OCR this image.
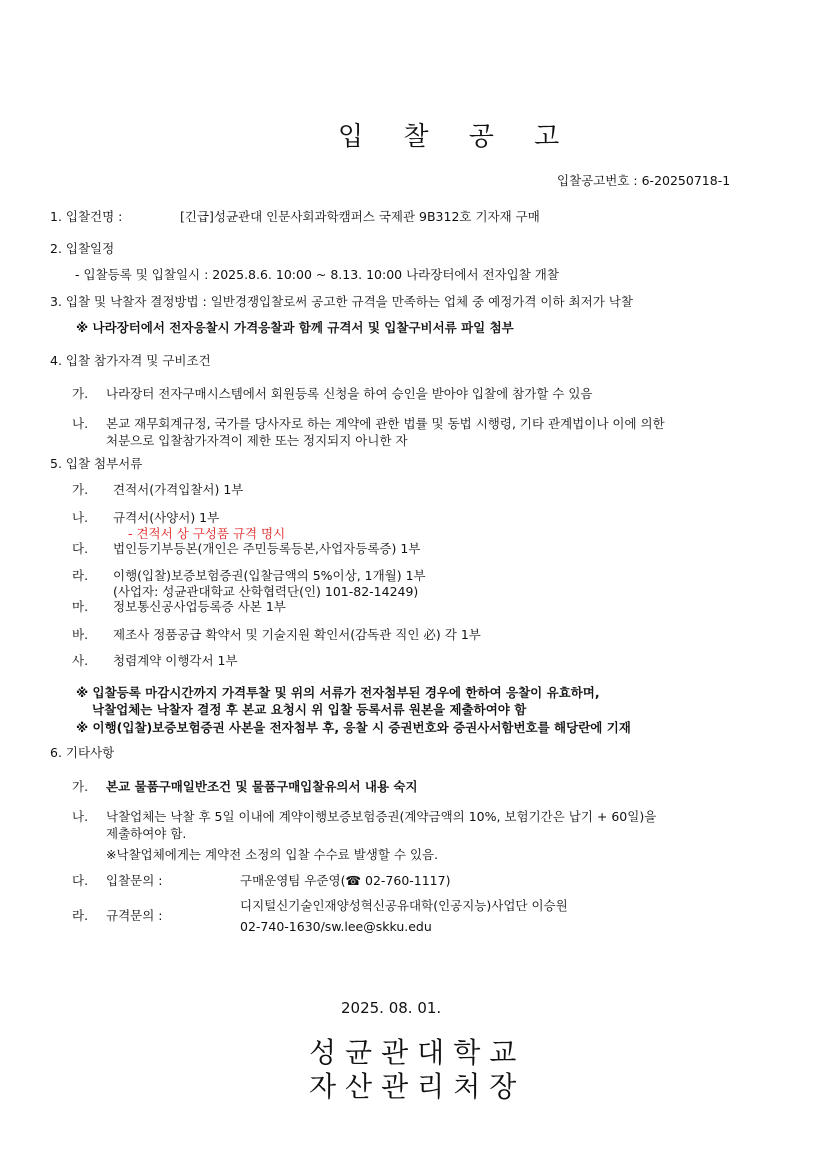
입 찰 공 고
입찰공고번호 : 6-20250718-1
1. 입찰건명 :	[긴급]성균관대 인문사회과학캠퍼스 국제관 9B312호 기자재 구매
2. 입찰일정
- 입찰등록 및 입찰일시 : 2025.8.6. 10:00 ~ 8.13. 10:00 나라장터에서 전자입찰 개찰
3. 입찰 및 낙찰자 결정방법 : 일반경쟁입찰로써 공고한 규격을 만족하는 업체 중 예정가격 이하 최저가 낙찰
※ 나라장터에서 전자응찰시 가격응찰과 함께 규격서 및 입찰구비서류 파일 첨부
4. 입찰 참가자격 및 구비조건
가. 나라장터 전자구매시스템에서 회원등록 신청을 하여 승인을 받아야 입찰에 참가할 수 있음
나. 본교 재무회계규정, 국가를 당사자로 하는 계약에 관한 법률 및 동법 시행령, 기타 관계법이나 이에 의한
처분으로 입찰참가자격이 제한 또는 정지되지 아니한 자
5. 입찰 첨부서류
가. 견적서(가격입찰서) 1부
나. 규격서(사양서) 1부
- 견적서 상 구성품 규격 명시
다. 법인등기부등본(개인은 주민등록등본,사업자등록증) 1부
라. 이행(입찰)보증보험증권(입찰금액의 5%이상, 1개월) 1부
(사업자: 성균관대학교 산학협력단(인) 101-82-14249)
마. 정보통신공사업등록증 사본 1부
바. 제조사 정품공급 확약서 및 기술지원 확인서(감독관 직인 必) 각 1부
사. 청렴계약 이행각서 1부
※ 입찰등록 마감시간까지 가격투찰 및 위의 서류가 전자첨부된 경우에 한하여 응찰이 유효하며,
낙찰업체는 낙찰자 결정 후 본교 요청시 위 입찰 등록서류 원본을 제출하여야 함
※ 이행(입찰)보증보험증권 사본을 전자첨부 후, 응찰 시 증권번호와 증권사서함번호를 해당란에 기재
6. 기타사항
가. 본교 물품구매일반조건 및 물품구매입찰유의서 내용 숙지
나. 낙찰업체는 낙찰 후 5일 이내에 계약이행보증보험증권(계약금액의 10%, 보험기간은 납기 + 60일)을
제출하여야 함.
※낙찰업체에게는 계약전 소정의 입찰 수수료 발생할 수 있음.
다. 입찰문의 :	구매운영팀 우준영(☎ 02-760-1117)
라. 규격문의 :
디지털신기술인재양성혁신공유대학(인공지능)사업단 이승원
02-740-1630/sw.lee@skku.edu
2025. 08. 01.
성균관대학교
자산관리처장
